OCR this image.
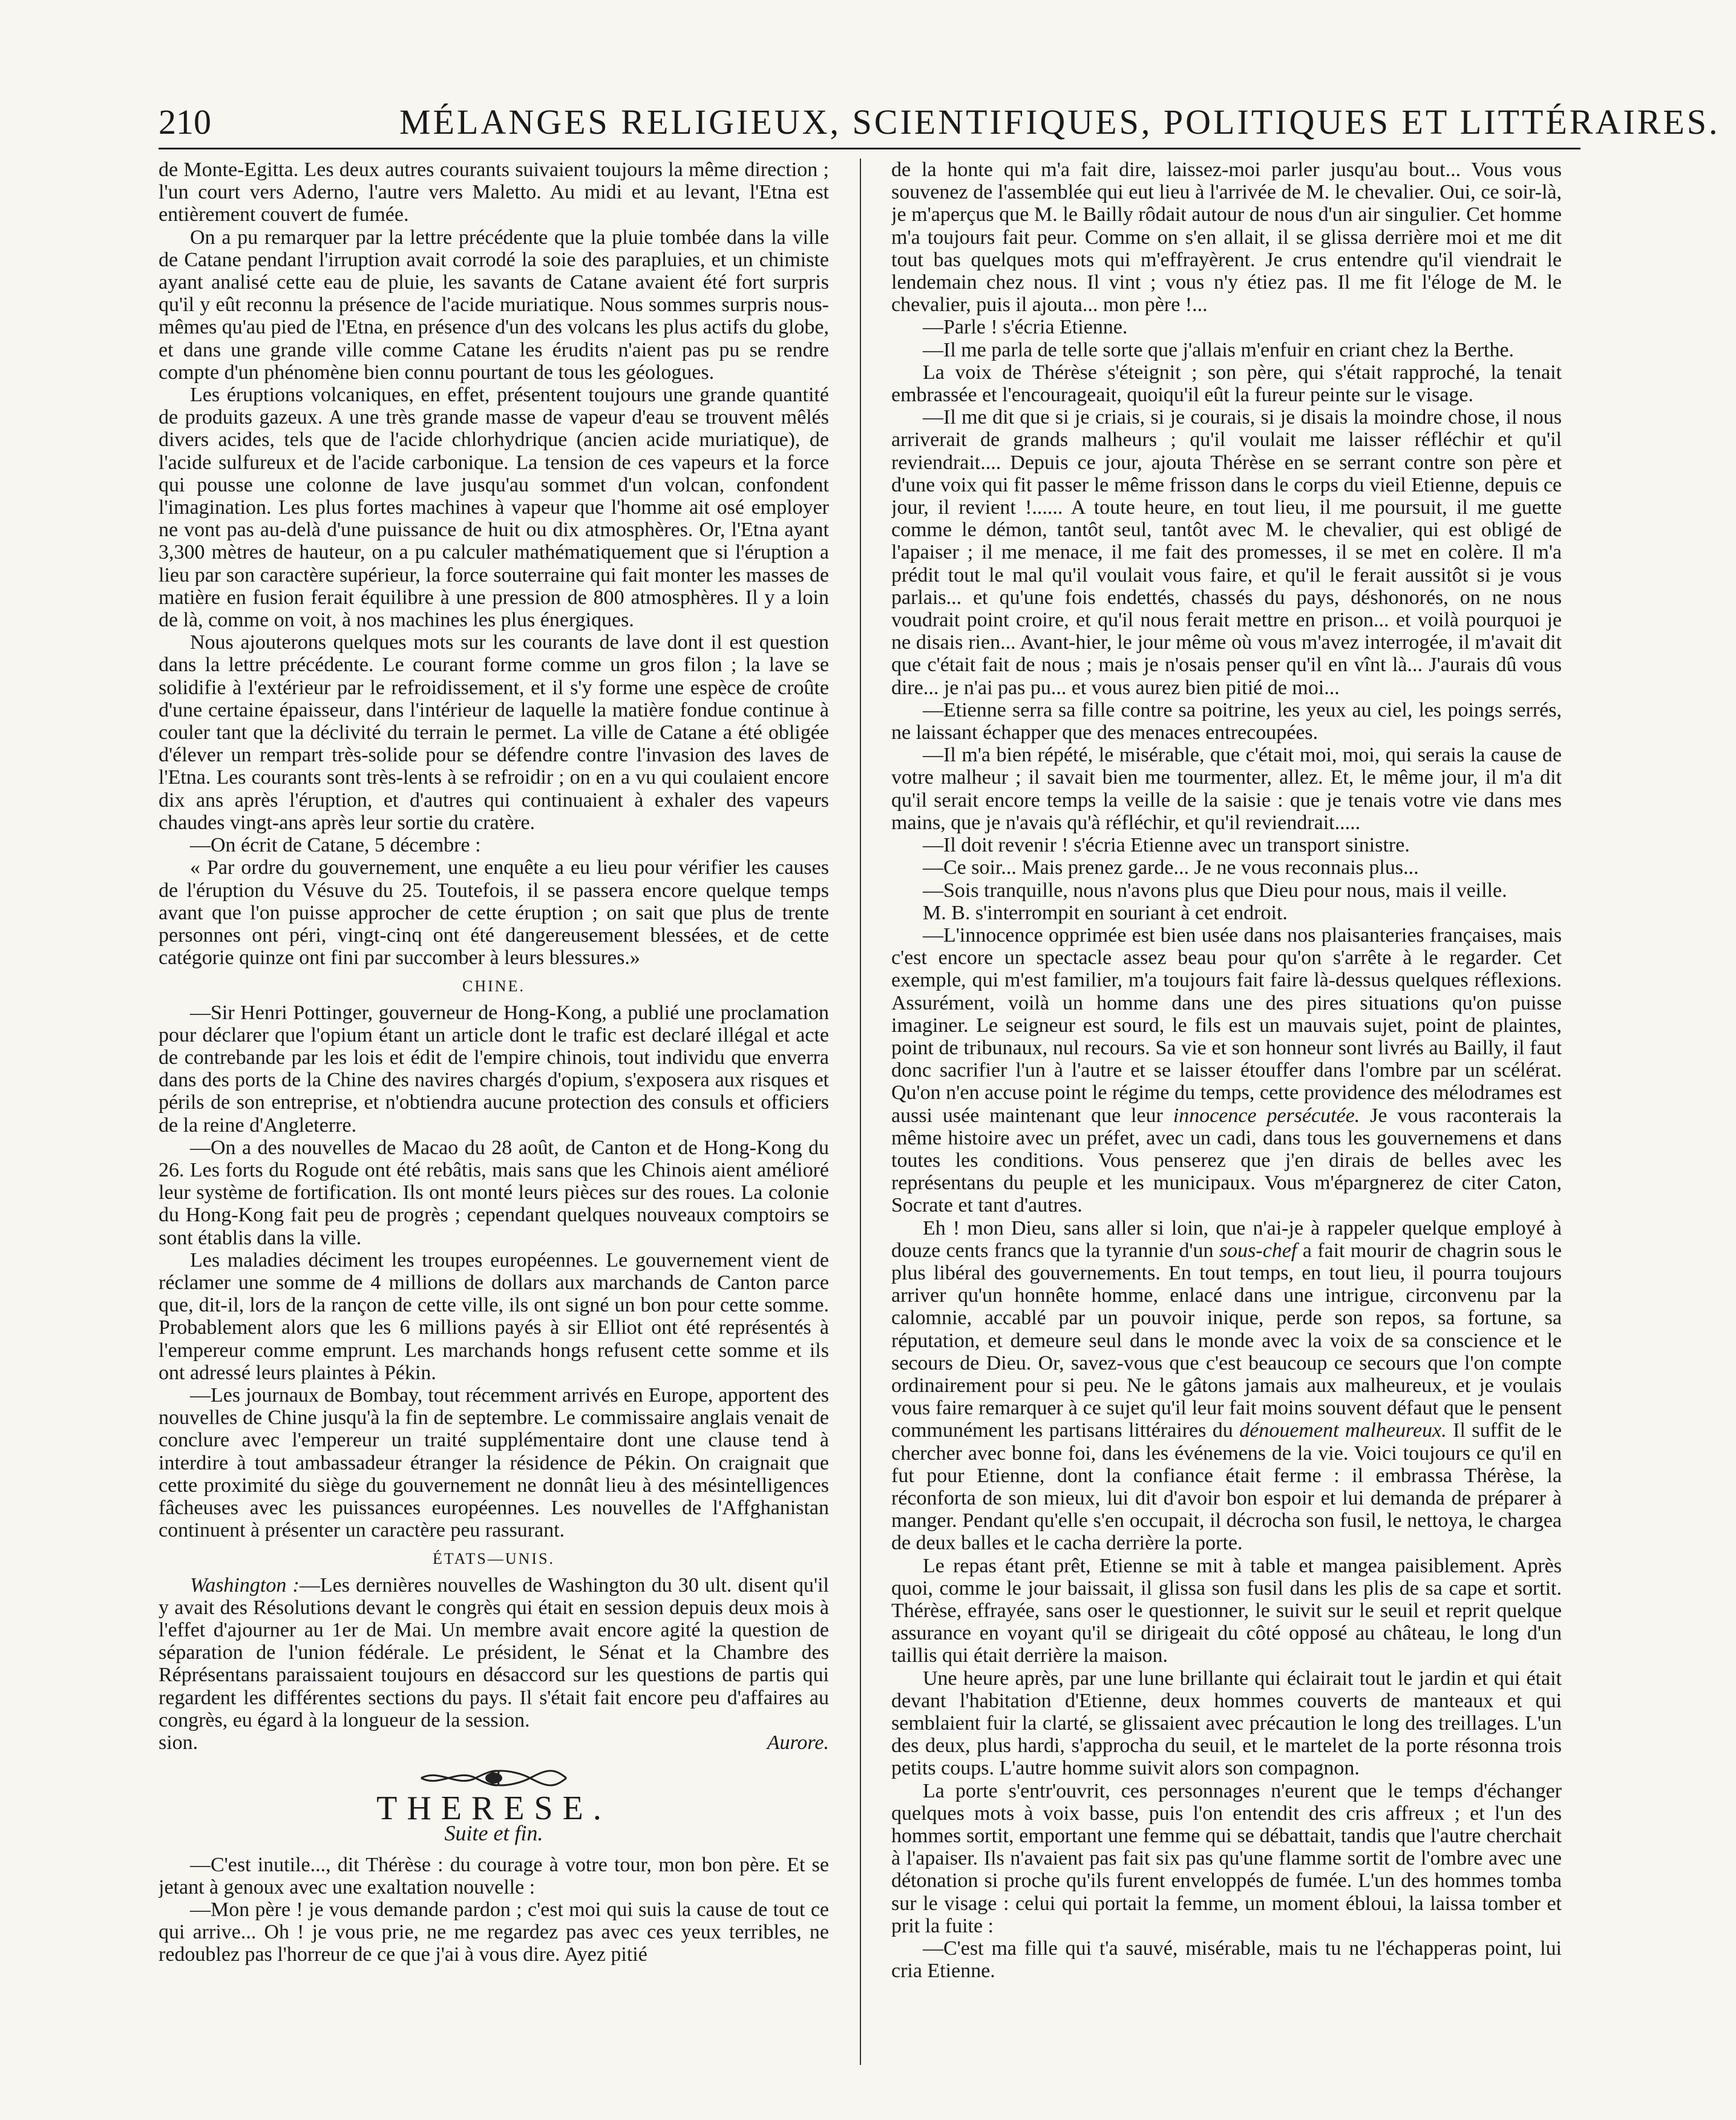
210	MÉLANGES RELIGIEUX, SCIENTIFIQUES, POLITIQUES ET LITTÉRAIRES.

de Monte-Egitta. Les deux autres courants suivaient toujours la même direction ; l'un court vers Aderno, l'autre vers Maletto. Au midi et au levant, l'Etna est entièrement couvert de fumée.

On a pu remarquer par la lettre précédente que la pluie tombée dans la ville de Catane pendant l'irruption avait corrodé la soie des parapluies, et un chimiste ayant analisé cette eau de pluie, les savants de Catane avaient été fort surpris qu'il y eût reconnu la présence de l'acide muriatique. Nous sommes surpris nous-mêmes qu'au pied de l'Etna, en présence d'un des volcans les plus actifs du globe, et dans une grande ville comme Catane les érudits n'aient pas pu se rendre compte d'un phénomène bien connu pourtant de tous les géologues.

Les éruptions volcaniques, en effet, présentent toujours une grande quantité de produits gazeux. A une très grande masse de vapeur d'eau se trouvent mêlés divers acides, tels que de l'acide chlorhydrique (ancien acide muriatique), de l'acide sulfureux et de l'acide carbonique. La tension de ces vapeurs et la force qui pousse une colonne de lave jusqu'au sommet d'un volcan, confondent l'imagination. Les plus fortes machines à vapeur que l'homme ait osé employer ne vont pas au-delà d'une puissance de huit ou dix atmosphères. Or, l'Etna ayant 3,300 mètres de hauteur, on a pu calculer mathématiquement que si l'éruption a lieu par son caractère supérieur, la force souterraine qui fait monter les masses de matière en fusion ferait équilibre à une pression de 800 atmosphères. Il y a loin de là, comme on voit, à nos machines les plus énergiques.

Nous ajouterons quelques mots sur les courants de lave dont il est question dans la lettre précédente. Le courant forme comme un gros filon ; la lave se solidifie à l'extérieur par le refroidissement, et il s'y forme une espèce de croûte d'une certaine épaisseur, dans l'intérieur de laquelle la matière fondue continue à couler tant que la déclivité du terrain le permet. La ville de Catane a été obligée d'élever un rempart très-solide pour se défendre contre l'invasion des laves de l'Etna. Les courants sont très-lents à se refroidir ; on en a vu qui coulaient encore dix ans après l'éruption, et d'autres qui continuaient à exhaler des vapeurs chaudes vingt-ans après leur sortie du cratère.

—On écrit de Catane, 5 décembre :

« Par ordre du gouvernement, une enquête a eu lieu pour vérifier les causes de l'éruption du Vésuve du 25. Toutefois, il se passera encore quelque temps avant que l'on puisse approcher de cette éruption ; on sait que plus de trente personnes ont péri, vingt-cinq ont été dangereusement blessées, et de cette catégorie quinze ont fini par succomber à leurs blessures.»

CHINE.

—Sir Henri Pottinger, gouverneur de Hong-Kong, a publié une proclamation pour déclarer que l'opium étant un article dont le trafic est declaré illégal et acte de contrebande par les lois et édit de l'empire chinois, tout individu que enverra dans des ports de la Chine des navires chargés d'opium, s'exposera aux risques et périls de son entreprise, et n'obtiendra aucune protection des consuls et officiers de la reine d'Angleterre.

—On a des nouvelles de Macao du 28 août, de Canton et de Hong-Kong du 26. Les forts du Rogude ont été rebâtis, mais sans que les Chinois aient amélioré leur système de fortification. Ils ont monté leurs pièces sur des roues. La colonie du Hong-Kong fait peu de progrès ; cependant quelques nouveaux comptoirs se sont établis dans la ville.

Les maladies déciment les troupes européennes. Le gouvernement vient de réclamer une somme de 4 millions de dollars aux marchands de Canton parce que, dit-il, lors de la rançon de cette ville, ils ont signé un bon pour cette somme. Probablement alors que les 6 millions payés à sir Elliot ont été représentés à l'empereur comme emprunt. Les marchands hongs refusent cette somme et ils ont adressé leurs plaintes à Pékin.

—Les journaux de Bombay, tout récemment arrivés en Europe, apportent des nouvelles de Chine jusqu'à la fin de septembre. Le commissaire anglais venait de conclure avec l'empereur un traité supplémentaire dont une clause tend à interdire à tout ambassadeur étranger la résidence de Pékin. On craignait que cette proximité du siège du gouvernement ne donnât lieu à des mésintelligences fâcheuses avec les puissances européennes. Les nouvelles de l'Affghanistan continuent à présenter un caractère peu rassurant.

ÉTATS—UNIS.

Washington :—Les dernières nouvelles de Washington du 30 ult. disent qu'il y avait des Résolutions devant le congrès qui était en session depuis deux mois à l'effet d'ajourner au 1er de Mai. Un membre avait encore agité la question de séparation de l'union fédérale. Le président, le Sénat et la Chambre des Réprésentans paraissaient toujours en désaccord sur les questions de partis qui regardent les différentes sections du pays. Il s'était fait encore peu d'affaires au congrès, eu égard à la longueur de la session.

sion.	Aurore.
THERESE.
Suite et fin.

—C'est inutile..., dit Thérèse : du courage à votre tour, mon bon père. Et se jetant à genoux avec une exaltation nouvelle :

—Mon père ! je vous demande pardon ; c'est moi qui suis la cause de tout ce qui arrive... Oh ! je vous prie, ne me regardez pas avec ces yeux terribles, ne redoublez pas l'horreur de ce que j'ai à vous dire. Ayez pitié

de la honte qui m'a fait dire, laissez-moi parler jusqu'au bout... Vous vous souvenez de l'assemblée qui eut lieu à l'arrivée de M. le chevalier. Oui, ce soir-là, je m'aperçus que M. le Bailly rôdait autour de nous d'un air singulier. Cet homme m'a toujours fait peur. Comme on s'en allait, il se glissa derrière moi et me dit tout bas quelques mots qui m'effrayèrent. Je crus entendre qu'il viendrait le lendemain chez nous. Il vint ; vous n'y étiez pas. Il me fit l'éloge de M. le chevalier, puis il ajouta... mon père !...

—Parle ! s'écria Etienne.

—Il me parla de telle sorte que j'allais m'enfuir en criant chez la Berthe.

La voix de Thérèse s'éteignit ; son père, qui s'était rapproché, la tenait embrassée et l'encourageait, quoiqu'il eût la fureur peinte sur le visage.

—Il me dit que si je criais, si je courais, si je disais la moindre chose, il nous arriverait de grands malheurs ; qu'il voulait me laisser réfléchir et qu'il reviendrait.... Depuis ce jour, ajouta Thérèse en se serrant contre son père et d'une voix qui fit passer le même frisson dans le corps du vieil Etienne, depuis ce jour, il revient !...... A toute heure, en tout lieu, il me poursuit, il me guette comme le démon, tantôt seul, tantôt avec M. le chevalier, qui est obligé de l'apaiser ; il me menace, il me fait des promesses, il se met en colère. Il m'a prédit tout le mal qu'il voulait vous faire, et qu'il le ferait aussitôt si je vous parlais... et qu'une fois endettés, chassés du pays, déshonorés, on ne nous voudrait point croire, et qu'il nous ferait mettre en prison... et voilà pourquoi je ne disais rien... Avant-hier, le jour même où vous m'avez interrogée, il m'avait dit que c'était fait de nous ; mais je n'osais penser qu'il en vînt là... J'aurais dû vous dire... je n'ai pas pu... et vous aurez bien pitié de moi...

—Etienne serra sa fille contre sa poitrine, les yeux au ciel, les poings serrés, ne laissant échapper que des menaces entrecoupées.

—Il m'a bien répété, le misérable, que c'était moi, moi, qui serais la cause de votre malheur ; il savait bien me tourmenter, allez. Et, le même jour, il m'a dit qu'il serait encore temps la veille de la saisie : que je tenais votre vie dans mes mains, que je n'avais qu'à réfléchir, et qu'il reviendrait.....

—Il doit revenir ! s'écria Etienne avec un transport sinistre.

—Ce soir... Mais prenez garde... Je ne vous reconnais plus...

—Sois tranquille, nous n'avons plus que Dieu pour nous, mais il veille.

M. B. s'interrompit en souriant à cet endroit.

—L'innocence opprimée est bien usée dans nos plaisanteries françaises, mais c'est encore un spectacle assez beau pour qu'on s'arrête à le regarder. Cet exemple, qui m'est familier, m'a toujours fait faire là-dessus quelques réflexions. Assurément, voilà un homme dans une des pires situations qu'on puisse imaginer. Le seigneur est sourd, le fils est un mauvais sujet, point de plaintes, point de tribunaux, nul recours. Sa vie et son honneur sont livrés au Bailly, il faut donc sacrifier l'un à l'autre et se laisser étouffer dans l'ombre par un scélérat. Qu'on n'en accuse point le régime du temps, cette providence des mélodrames est aussi usée maintenant que leur innocence persécutée. Je vous raconterais la même histoire avec un préfet, avec un cadi, dans tous les gouvernemens et dans toutes les conditions. Vous penserez que j'en dirais de belles avec les représentans du peuple et les municipaux. Vous m'épargnerez de citer Caton, Socrate et tant d'autres.

Eh ! mon Dieu, sans aller si loin, que n'ai-je à rappeler quelque employé à douze cents francs que la tyrannie d'un sous-chef a fait mourir de chagrin sous le plus libéral des gouvernements. En tout temps, en tout lieu, il pourra toujours arriver qu'un honnête homme, enlacé dans une intrigue, circonvenu par la calomnie, accablé par un pouvoir inique, perde son repos, sa fortune, sa réputation, et demeure seul dans le monde avec la voix de sa conscience et le secours de Dieu. Or, savez-vous que c'est beaucoup ce secours que l'on compte ordinairement pour si peu. Ne le gâtons jamais aux malheureux, et je voulais vous faire remarquer à ce sujet qu'il leur fait moins souvent défaut que le pensent communément les partisans littéraires du dénouement malheureux. Il suffit de le chercher avec bonne foi, dans les événemens de la vie. Voici toujours ce qu'il en fut pour Etienne, dont la confiance était ferme : il embrassa Thérèse, la réconforta de son mieux, lui dit d'avoir bon espoir et lui demanda de préparer à manger. Pendant qu'elle s'en occupait, il décrocha son fusil, le nettoya, le chargea de deux balles et le cacha derrière la porte.

Le repas étant prêt, Etienne se mit à table et mangea paisiblement. Après quoi, comme le jour baissait, il glissa son fusil dans les plis de sa cape et sortit. Thérèse, effrayée, sans oser le questionner, le suivit sur le seuil et reprit quelque assurance en voyant qu'il se dirigeait du côté opposé au château, le long d'un taillis qui était derrière la maison.

Une heure après, par une lune brillante qui éclairait tout le jardin et qui était devant l'habitation d'Etienne, deux hommes couverts de manteaux et qui semblaient fuir la clarté, se glissaient avec précaution le long des treillages. L'un des deux, plus hardi, s'approcha du seuil, et le martelet de la porte résonna trois petits coups. L'autre homme suivit alors son compagnon.

La porte s'entr'ouvrit, ces personnages n'eurent que le temps d'échanger quelques mots à voix basse, puis l'on entendit des cris affreux ; et l'un des hommes sortit, emportant une femme qui se débattait, tandis que l'autre cherchait à l'apaiser. Ils n'avaient pas fait six pas qu'une flamme sortit de l'ombre avec une détonation si proche qu'ils furent enveloppés de fumée. L'un des hommes tomba sur le visage : celui qui portait la femme, un moment ébloui, la laissa tomber et prit la fuite :

—C'est ma fille qui t'a sauvé, misérable, mais tu ne l'échapperas point, lui cria Etienne.
